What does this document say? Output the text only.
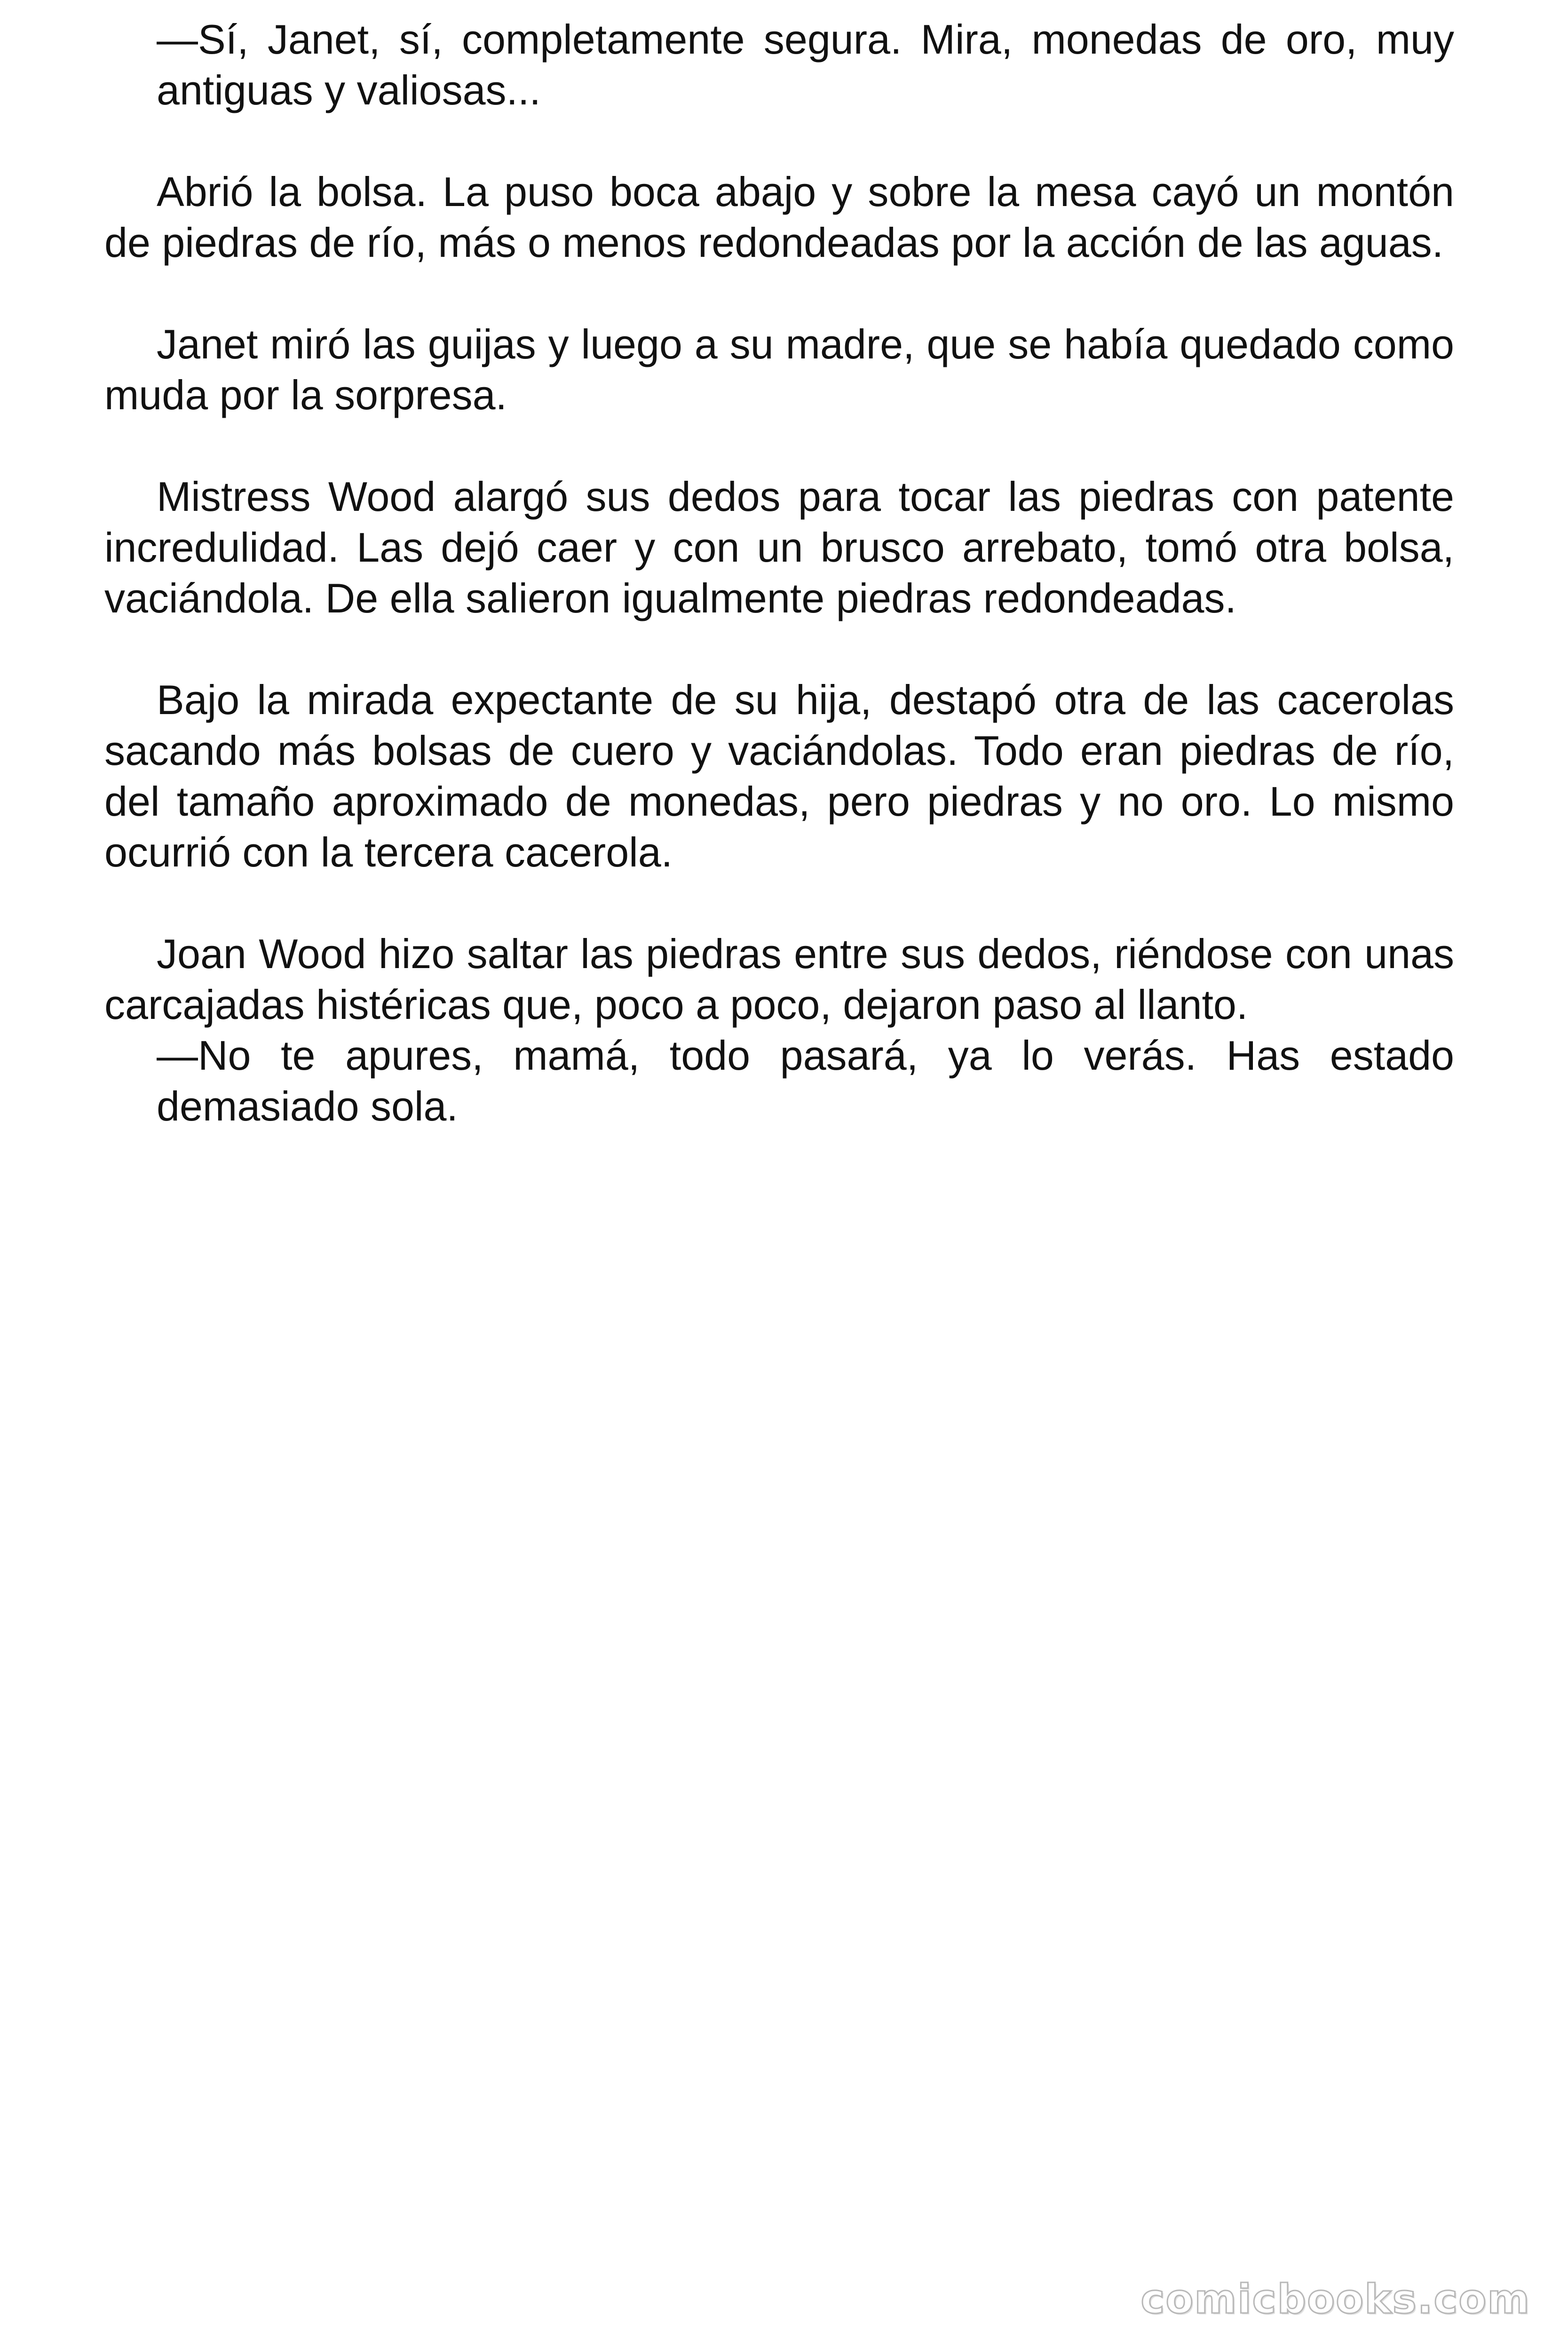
—Sí, Janet, sí, completamente segura. Mira, monedas de oro, muy antiguas y valiosas...

Abrió la bolsa. La puso boca abajo y sobre la mesa cayó un montón de piedras de río, más o menos redondeadas por la acción de las aguas.

Janet miró las guijas y luego a su madre, que se había quedado como muda por la sorpresa.

Mistress Wood alargó sus dedos para tocar las piedras con patente incredulidad. Las dejó caer y con un brusco arrebato, tomó otra bolsa, vaciándola. De ella salieron igualmente piedras redondeadas.

Bajo la mirada expectante de su hija, destapó otra de las cacerolas sacando más bolsas de cuero y vaciándolas. Todo eran piedras de río, del tamaño aproximado de monedas, pero piedras y no oro. Lo mismo ocurrió con la tercera cacerola.

Joan Wood hizo saltar las piedras entre sus dedos, riéndose con unas carcajadas histéricas que, poco a poco, dejaron paso al llanto.

—No te apures, mamá, todo pasará, ya lo verás. Has estado demasiado sola.

comicbooks.com
